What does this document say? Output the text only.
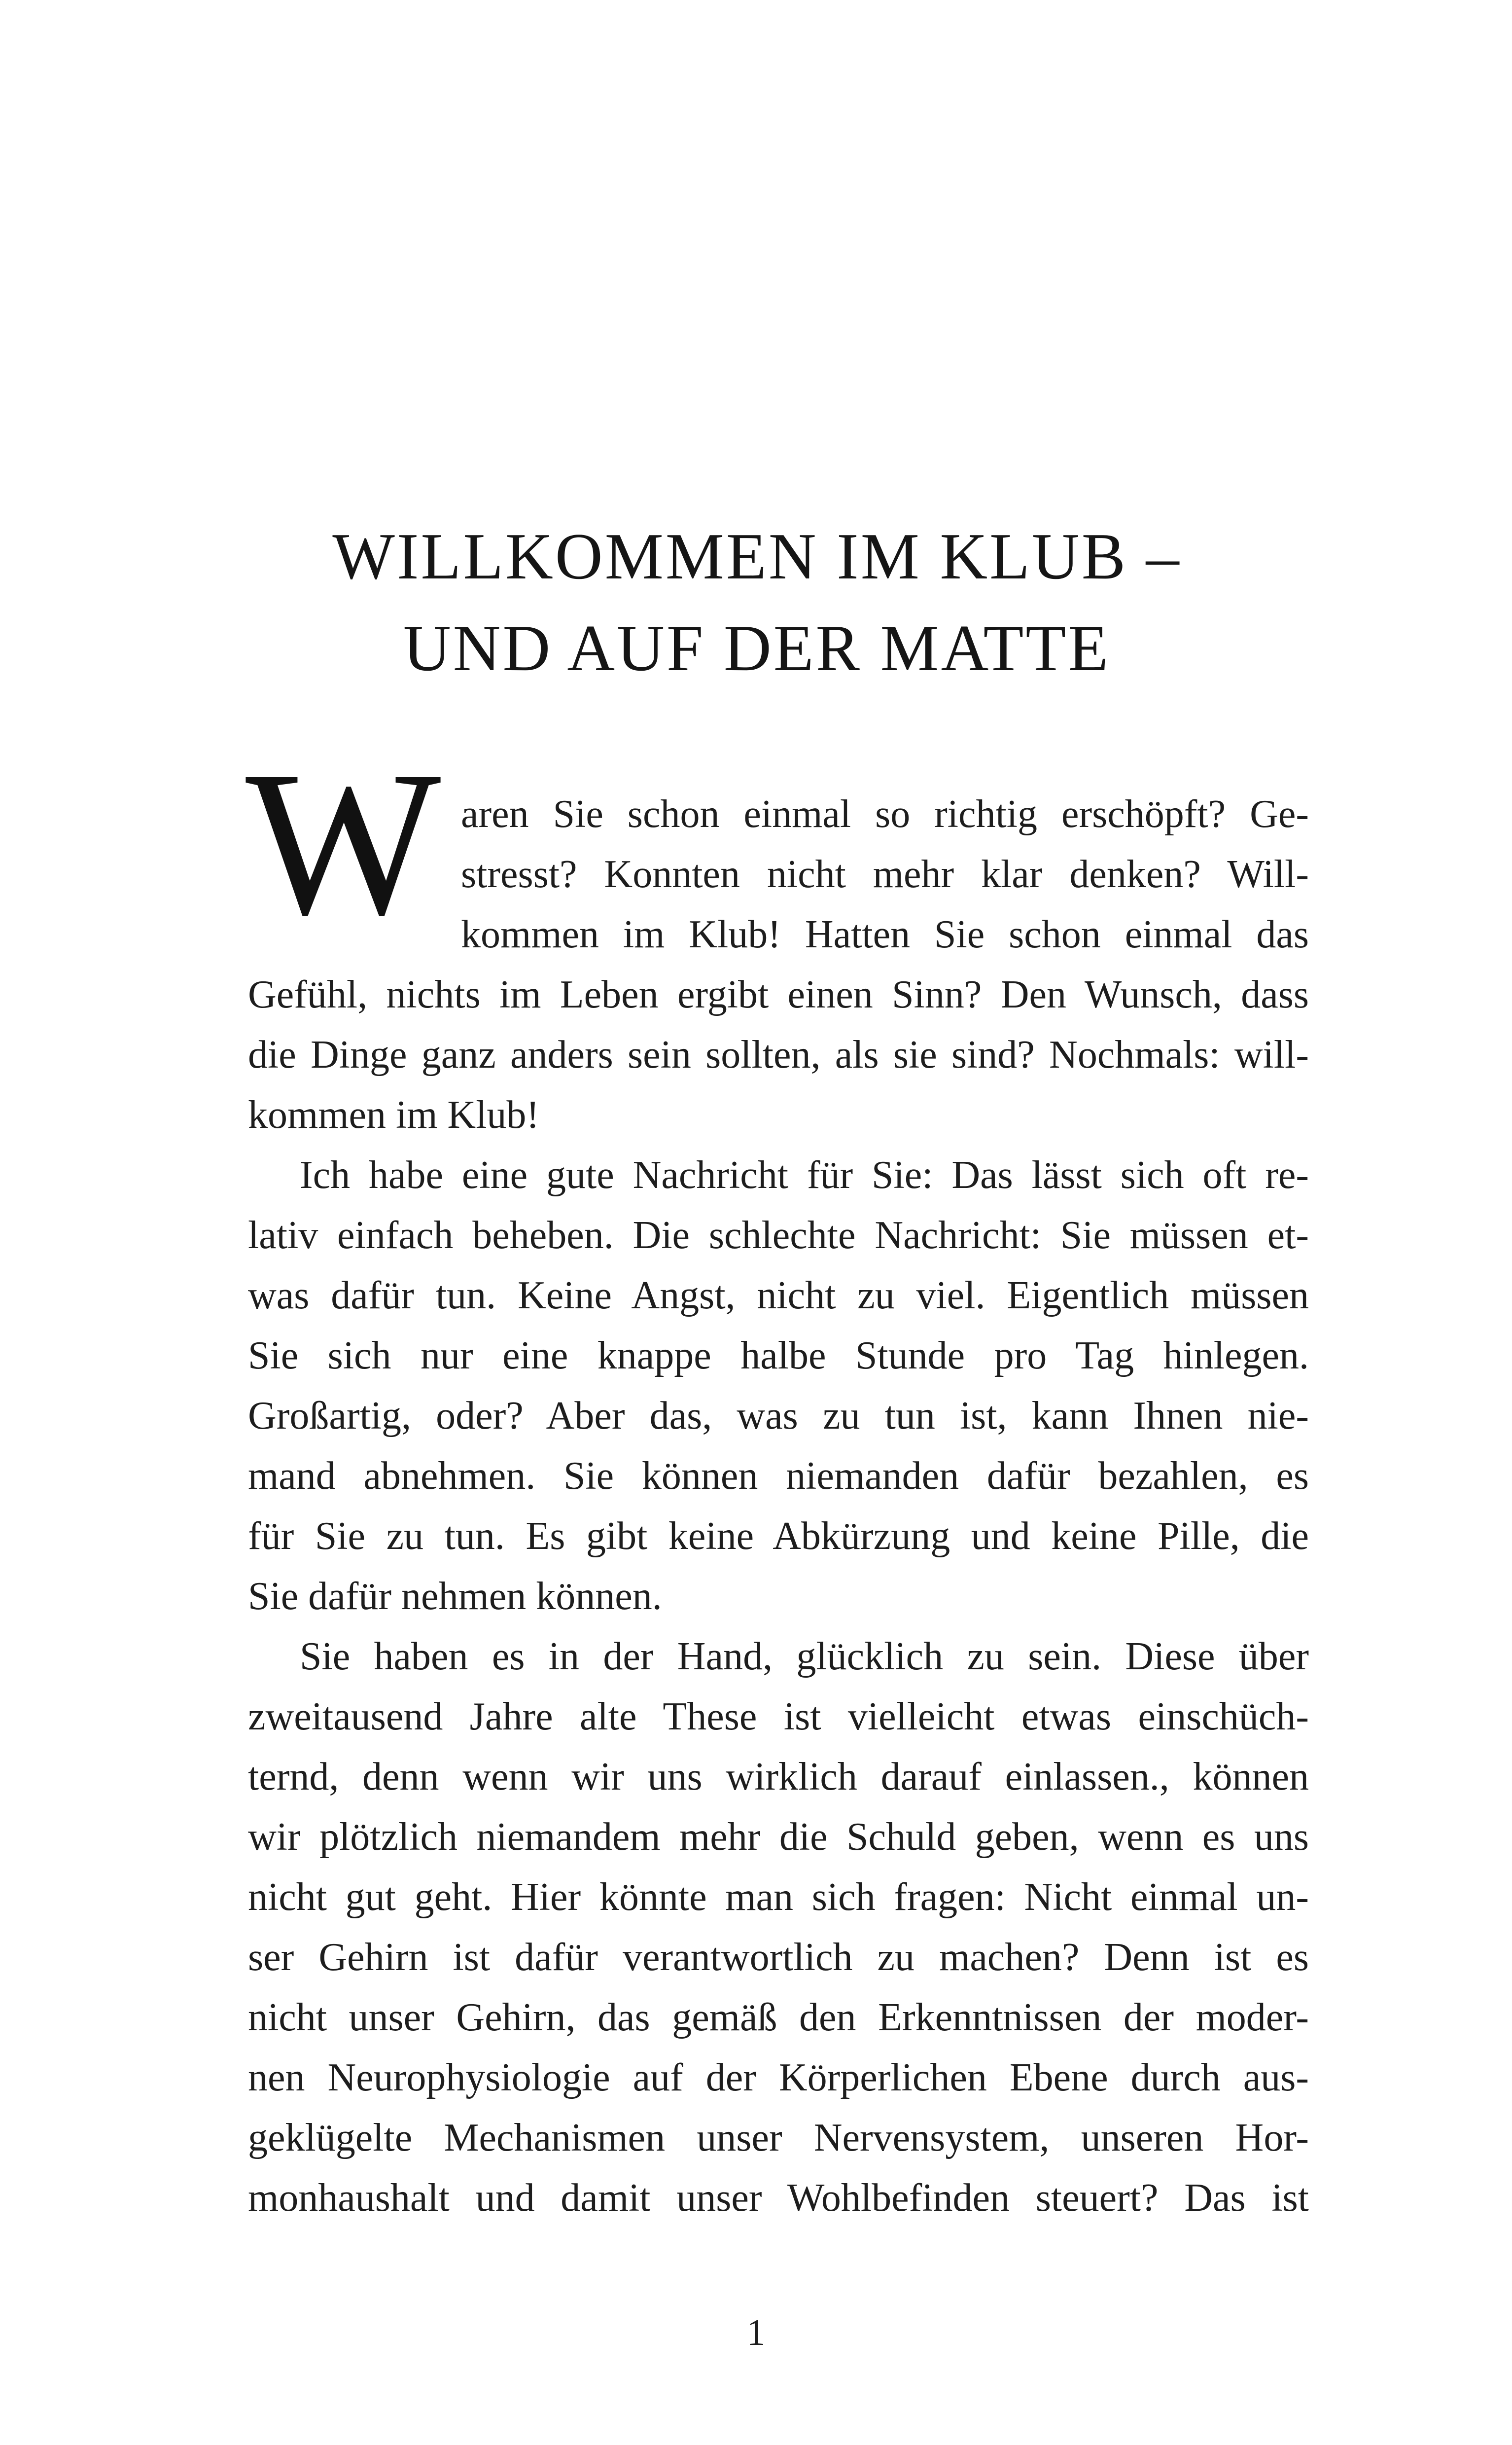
WILLKOMMEN IM KLUB –
UND AUF DER MATTE
W aren Sie schon einmal so richtig erschöpft? Ge-
stresst? Konnten nicht mehr klar denken? Will-
kommen im Klub! Hatten Sie schon einmal das
Gefühl, nichts im Leben ergibt einen Sinn? Den Wunsch, dass
die Dinge ganz anders sein sollten, als sie sind? Nochmals: will-
kommen im Klub!
Ich habe eine gute Nachricht für Sie: Das lässt sich oft re-
lativ einfach beheben. Die schlechte Nachricht: Sie müssen et-
was dafür tun. Keine Angst, nicht zu viel. Eigentlich müssen
Sie sich nur eine knappe halbe Stunde pro Tag hinlegen.
Großartig, oder? Aber das, was zu tun ist, kann Ihnen nie-
mand abnehmen. Sie können niemanden dafür bezahlen, es
für Sie zu tun. Es gibt keine Abkürzung und keine Pille, die
Sie dafür nehmen können.
Sie haben es in der Hand, glücklich zu sein. Diese über
zweitausend Jahre alte These ist vielleicht etwas einschüch-
ternd, denn wenn wir uns wirklich darauf einlassen., können
wir plötzlich niemandem mehr die Schuld geben, wenn es uns
nicht gut geht. Hier könnte man sich fragen: Nicht einmal un-
ser Gehirn ist dafür verantwortlich zu machen? Denn ist es
nicht unser Gehirn, das gemäß den Erkenntnissen der moder-
nen Neurophysiologie auf der Körperlichen Ebene durch aus-
geklügelte Mechanismen unser Nervensystem, unseren Hor-
monhaushalt und damit unser Wohlbefinden steuert? Das ist
1
